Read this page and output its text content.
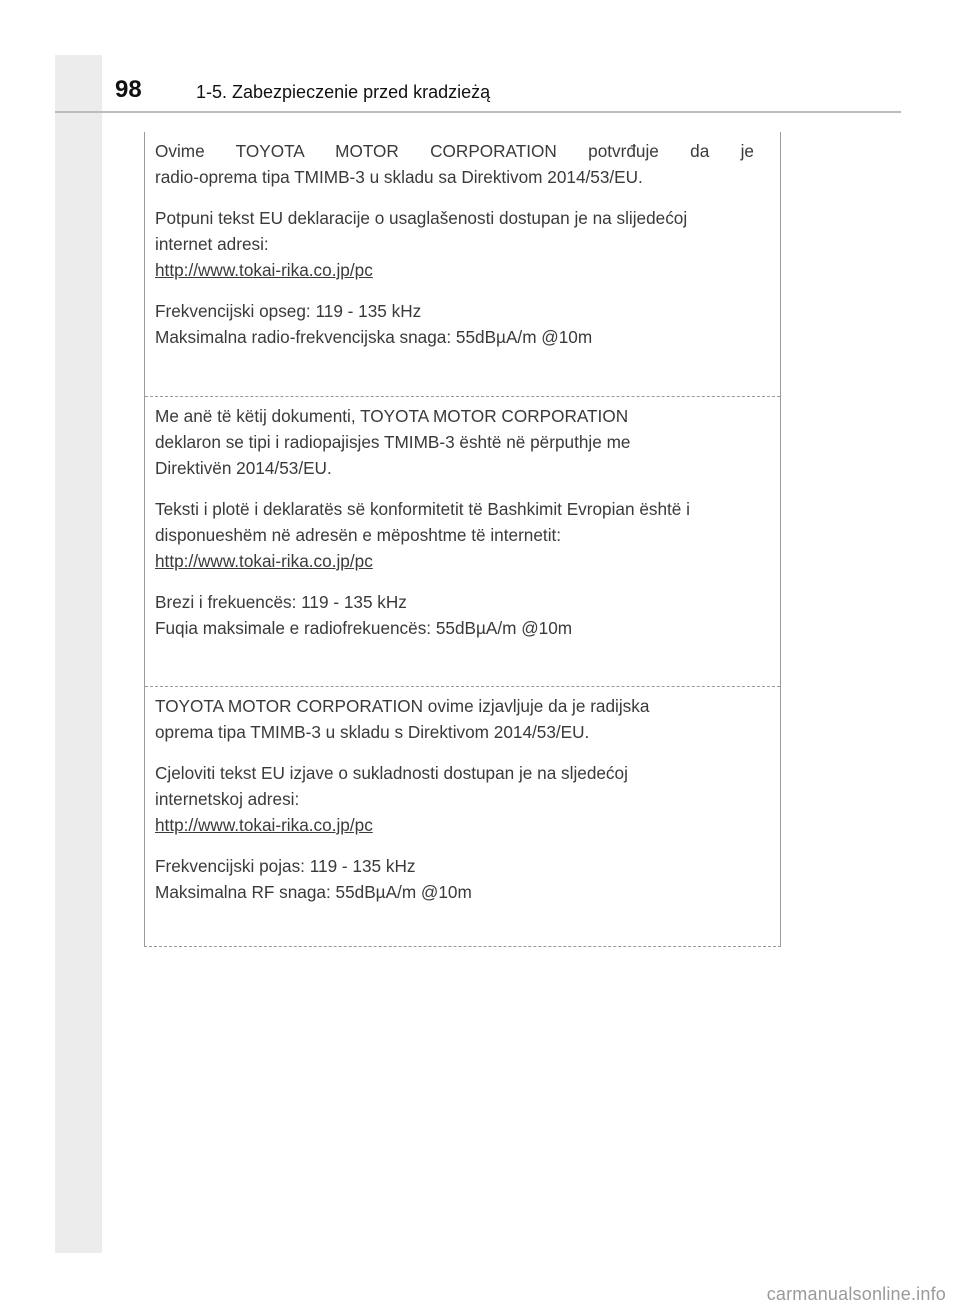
98	1-5. Zabezpieczenie przed kradzieżą

Ovime TOYOTA MOTOR CORPORATION potvrđuje da je

radio-oprema tipa TMIMB-3 u skladu sa Direktivom 2014/53/EU.

Potpuni tekst EU deklaracije o usaglašenosti dostupan je na slijedećoj

internet adresi:

http://www.tokai-rika.co.jp/pc

Frekvencijski opseg: 119 - 135 kHz

Maksimalna radio-frekvencijska snaga: 55dBµA/m @10m

Me anë të këtij dokumenti, TOYOTA MOTOR CORPORATION

deklaron se tipi i radiopajisjes TMIMB-3 është në përputhje me

Direktivën 2014/53/EU.

Teksti i plotë i deklaratës së konformitetit të Bashkimit Evropian është i

disponueshëm në adresën e mëposhtme të internetit:

http://www.tokai-rika.co.jp/pc

Brezi i frekuencës: 119 - 135 kHz

Fuqia maksimale e radiofrekuencës: 55dBµA/m @10m

TOYOTA MOTOR CORPORATION ovime izjavljuje da je radijska

oprema tipa TMIMB-3 u skladu s Direktivom 2014/53/EU.

Cjeloviti tekst EU izjave o sukladnosti dostupan je na sljedećoj

internetskoj adresi:

http://www.tokai-rika.co.jp/pc

Frekvencijski pojas: 119 - 135 kHz

Maksimalna RF snaga: 55dBµA/m @10m

carmanualsonline.info
